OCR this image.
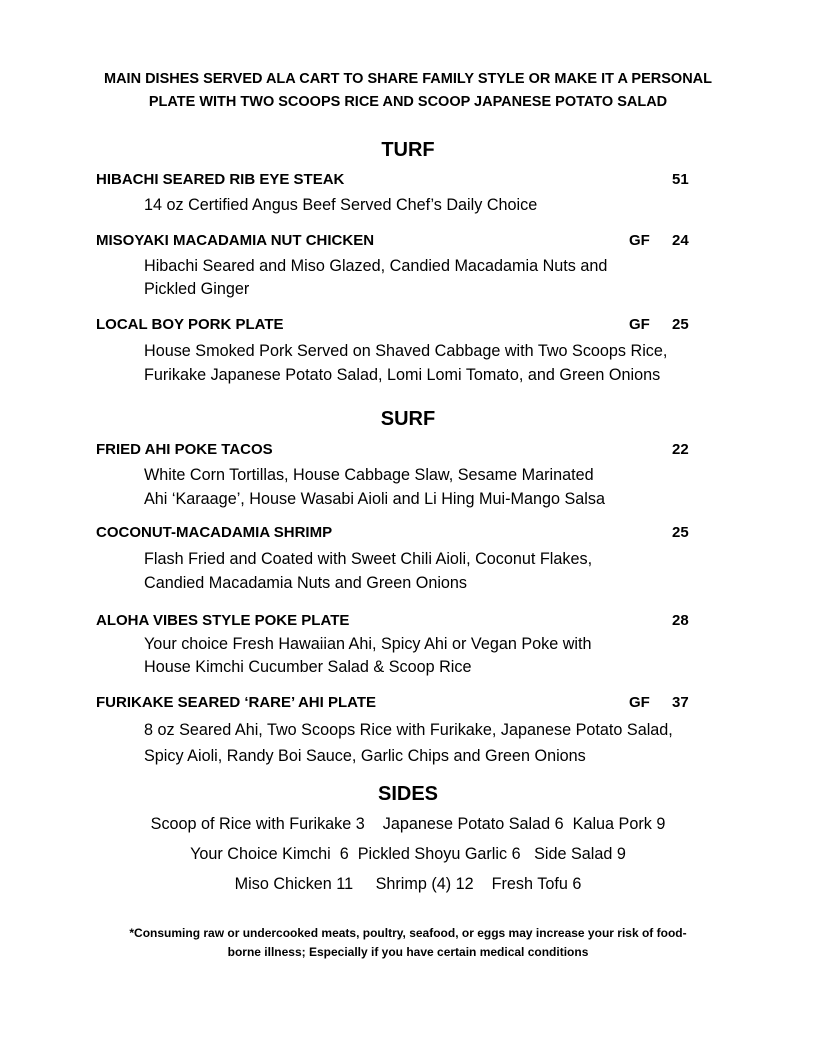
MAIN DISHES SERVED ALA CART TO SHARE FAMILY STYLE OR MAKE IT A PERSONAL
PLATE WITH TWO SCOOPS RICE AND SCOOP JAPANESE POTATO SALAD
TURF
HIBACHI SEARED RIB EYE STEAK	51
14 oz Certified Angus Beef Served Chef’s Daily Choice
MISOYAKI MACADAMIA NUT CHICKEN	GF 24
Hibachi Seared and Miso Glazed, Candied Macadamia Nuts and
Pickled Ginger
LOCAL BOY PORK PLATE	GF 25
House Smoked Pork Served on Shaved Cabbage with Two Scoops Rice,
Furikake Japanese Potato Salad, Lomi Lomi Tomato, and Green Onions
SURF
FRIED AHI POKE TACOS	22
White Corn Tortillas, House Cabbage Slaw, Sesame Marinated
Ahi ‘Karaage’, House Wasabi Aioli and Li Hing Mui-Mango Salsa
COCONUT-MACADAMIA SHRIMP	25
Flash Fried and Coated with Sweet Chili Aioli, Coconut Flakes,
Candied Macadamia Nuts and Green Onions
ALOHA VIBES STYLE POKE PLATE	28
Your choice Fresh Hawaiian Ahi, Spicy Ahi or Vegan Poke with
House Kimchi Cucumber Salad & Scoop Rice
FURIKAKE SEARED ‘RARE’ AHI PLATE	GF 37
8 oz Seared Ahi, Two Scoops Rice with Furikake, Japanese Potato Salad,
Spicy Aioli, Randy Boi Sauce, Garlic Chips and Green Onions
SIDES
Scoop of Rice with Furikake 3    Japanese Potato Salad 6  Kalua Pork 9
Your Choice Kimchi  6  Pickled Shoyu Garlic 6   Side Salad 9
Miso Chicken 11     Shrimp (4) 12    Fresh Tofu 6
*Consuming raw or undercooked meats, poultry, seafood, or eggs may increase your risk of food-
borne illness; Especially if you have certain medical conditions
